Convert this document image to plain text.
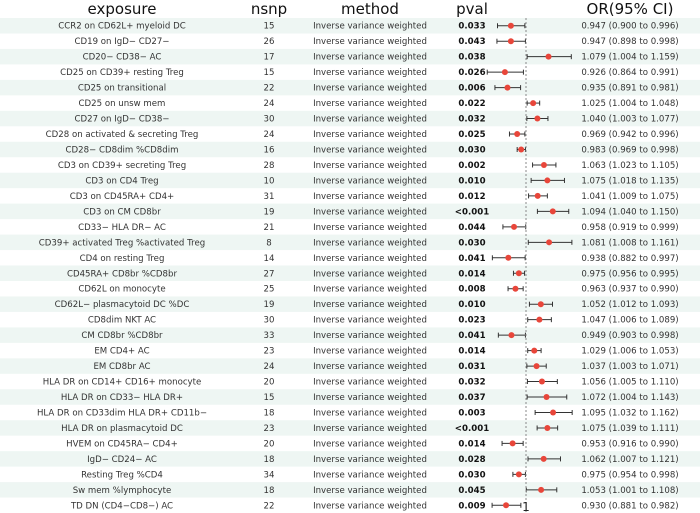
exposure	nsnp	method	pval	OR(95% CI)
CCR2 on CD62L+ myeloid DC	15	Inverse variance weighted	0.033	0.947 (0.900 to 0.996)
CD19 on IgD− CD27−	26	Inverse variance weighted	0.043	0.947 (0.898 to 0.998)
CD20− CD38− AC	17	Inverse variance weighted	0.038	1.079 (1.004 to 1.159)
CD25 on CD39+ resting Treg	15	Inverse variance weighted	0.026	0.926 (0.864 to 0.991)
CD25 on transitional	22	Inverse variance weighted	0.006	0.935 (0.891 to 0.981)
CD25 on unsw mem	24	Inverse variance weighted	0.022	1.025 (1.004 to 1.048)
CD27 on IgD− CD38−	30	Inverse variance weighted	0.032	1.040 (1.003 to 1.077)
CD28 on activated & secreting Treg	24	Inverse variance weighted	0.025	0.969 (0.942 to 0.996)
CD28− CD8dim %CD8dim	16	Inverse variance weighted	0.030	0.983 (0.969 to 0.998)
CD3 on CD39+ secreting Treg	28	Inverse variance weighted	0.002	1.063 (1.023 to 1.105)
CD3 on CD4 Treg	10	Inverse variance weighted	0.010	1.075 (1.018 to 1.135)
CD3 on CD45RA+ CD4+	31	Inverse variance weighted	0.012	1.041 (1.009 to 1.075)
CD3 on CM CD8br	19	Inverse variance weighted	<0.001	1.094 (1.040 to 1.150)
CD33− HLA DR− AC	21	Inverse variance weighted	0.044	0.958 (0.919 to 0.999)
CD39+ activated Treg %activated Treg	8	Inverse variance weighted	0.030	1.081 (1.008 to 1.161)
CD4 on resting Treg	14	Inverse variance weighted	0.041	0.938 (0.882 to 0.997)
CD45RA+ CD8br %CD8br	27	Inverse variance weighted	0.014	0.975 (0.956 to 0.995)
CD62L on monocyte	25	Inverse variance weighted	0.008	0.963 (0.937 to 0.990)
CD62L− plasmacytoid DC %DC	19	Inverse variance weighted	0.010	1.052 (1.012 to 1.093)
CD8dim NKT AC	30	Inverse variance weighted	0.023	1.047 (1.006 to 1.089)
CM CD8br %CD8br	33	Inverse variance weighted	0.041	0.949 (0.903 to 0.998)
EM CD4+ AC	23	Inverse variance weighted	0.014	1.029 (1.006 to 1.053)
EM CD8br AC	24	Inverse variance weighted	0.031	1.037 (1.003 to 1.071)
HLA DR on CD14+ CD16+ monocyte	20	Inverse variance weighted	0.032	1.056 (1.005 to 1.110)
HLA DR on CD33− HLA DR+	15	Inverse variance weighted	0.037	1.072 (1.004 to 1.143)
HLA DR on CD33dim HLA DR+ CD11b−	18	Inverse variance weighted	0.003	1.095 (1.032 to 1.162)
HLA DR on plasmacytoid DC	23	Inverse variance weighted	<0.001	1.075 (1.039 to 1.111)
HVEM on CD45RA− CD4+	20	Inverse variance weighted	0.014	0.953 (0.916 to 0.990)
IgD− CD24− AC	18	Inverse variance weighted	0.028	1.062 (1.007 to 1.121)
Resting Treg %CD4	34	Inverse variance weighted	0.030	0.975 (0.954 to 0.998)
Sw mem %lymphocyte	18	Inverse variance weighted	0.045	1.053 (1.001 to 1.108)
TD DN (CD4−CD8−) AC	22	Inverse variance weighted	0.009	0.930 (0.881 to 0.982)
1
